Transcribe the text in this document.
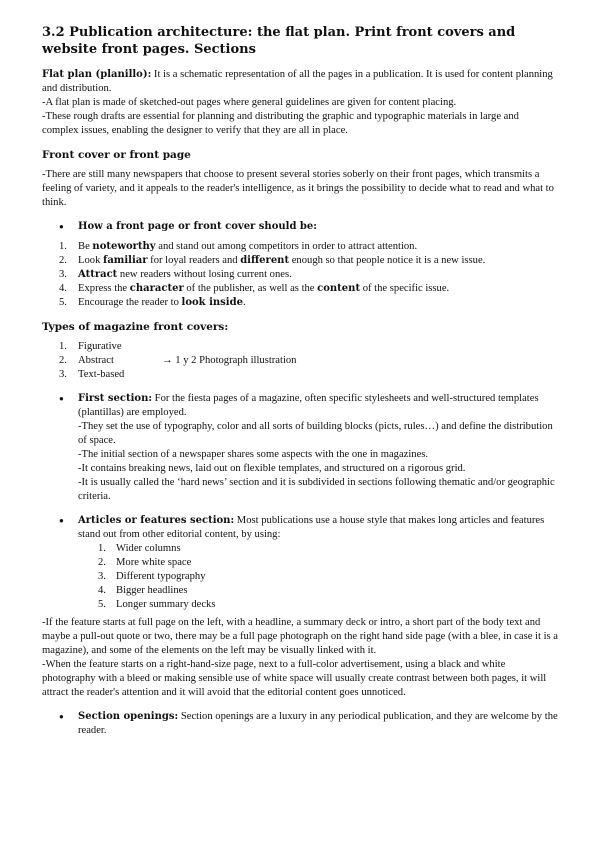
3.2 Publication architecture: the flat plan. Print front covers and website front pages. Sections

Flat plan (planillo): It is a schematic representation of all the pages in a publication. It is used for content planning and distribution.

-A flat plan is made of sketched-out pages where general guidelines are given for content placing.

-These rough drafts are essential for planning and distributing the graphic and typographic materials in large and complex issues, enabling the designer to verify that they are all in place.

Front cover or front page

-There are still many newspapers that choose to present several stories soberly on their front pages, which transmits a feeling of variety, and it appeals to the reader's intelligence, as it brings the possibility to decide what to read and what to think.

● How a front page or front cover should be:
1. Be noteworthy and stand out among competitors in order to attract attention.
2. Look familiar for loyal readers and different enough so that people notice it is a new issue.
3. Attract new readers without losing current ones.
4. Express the character of the publisher, as well as the content of the specific issue.
5. Encourage the reader to look inside.
Types of magazine front covers:
1. Figurative
2. Abstract	→ 1 y 2 Photograph illustration
3. Text-based

● First section: For the fiesta pages of a magazine, often specific stylesheets and well-structured templates (plantillas) are employed.

-They set the use of typography, color and all sorts of building blocks (picts, rules…) and define the distribution of space.

-The initial section of a newspaper shares some aspects with the one in magazines.

-It contains breaking news, laid out on flexible templates, and structured on a rigorous grid.

-It is usually called the ‘hard news’ section and it is subdivided in sections following thematic and/or geographic criteria.

● Articles or features section: Most publications use a house style that makes long articles and features stand out from other editorial content, by using:

1. Wider columns
2. More white space
3. Different typography
4. Bigger headlines
5. Longer summary decks

-If the feature starts at full page on the left, with a headline, a summary deck or intro, a short part of the body text and maybe a pull-out quote or two, there may be a full page photograph on the right hand side page (with a blee, in case it is a magazine), and some of the elements on the left may be visually linked with it.

-When the feature starts on a right-hand-size page, next to a full-color advertisement, using a black and white photography with a bleed or making sensible use of white space will usually create contrast between both pages, it will attract the reader's attention and it will avoid that the editorial content goes unnoticed.

● Section openings: Section openings are a luxury in any periodical publication, and they are welcome by the reader.
